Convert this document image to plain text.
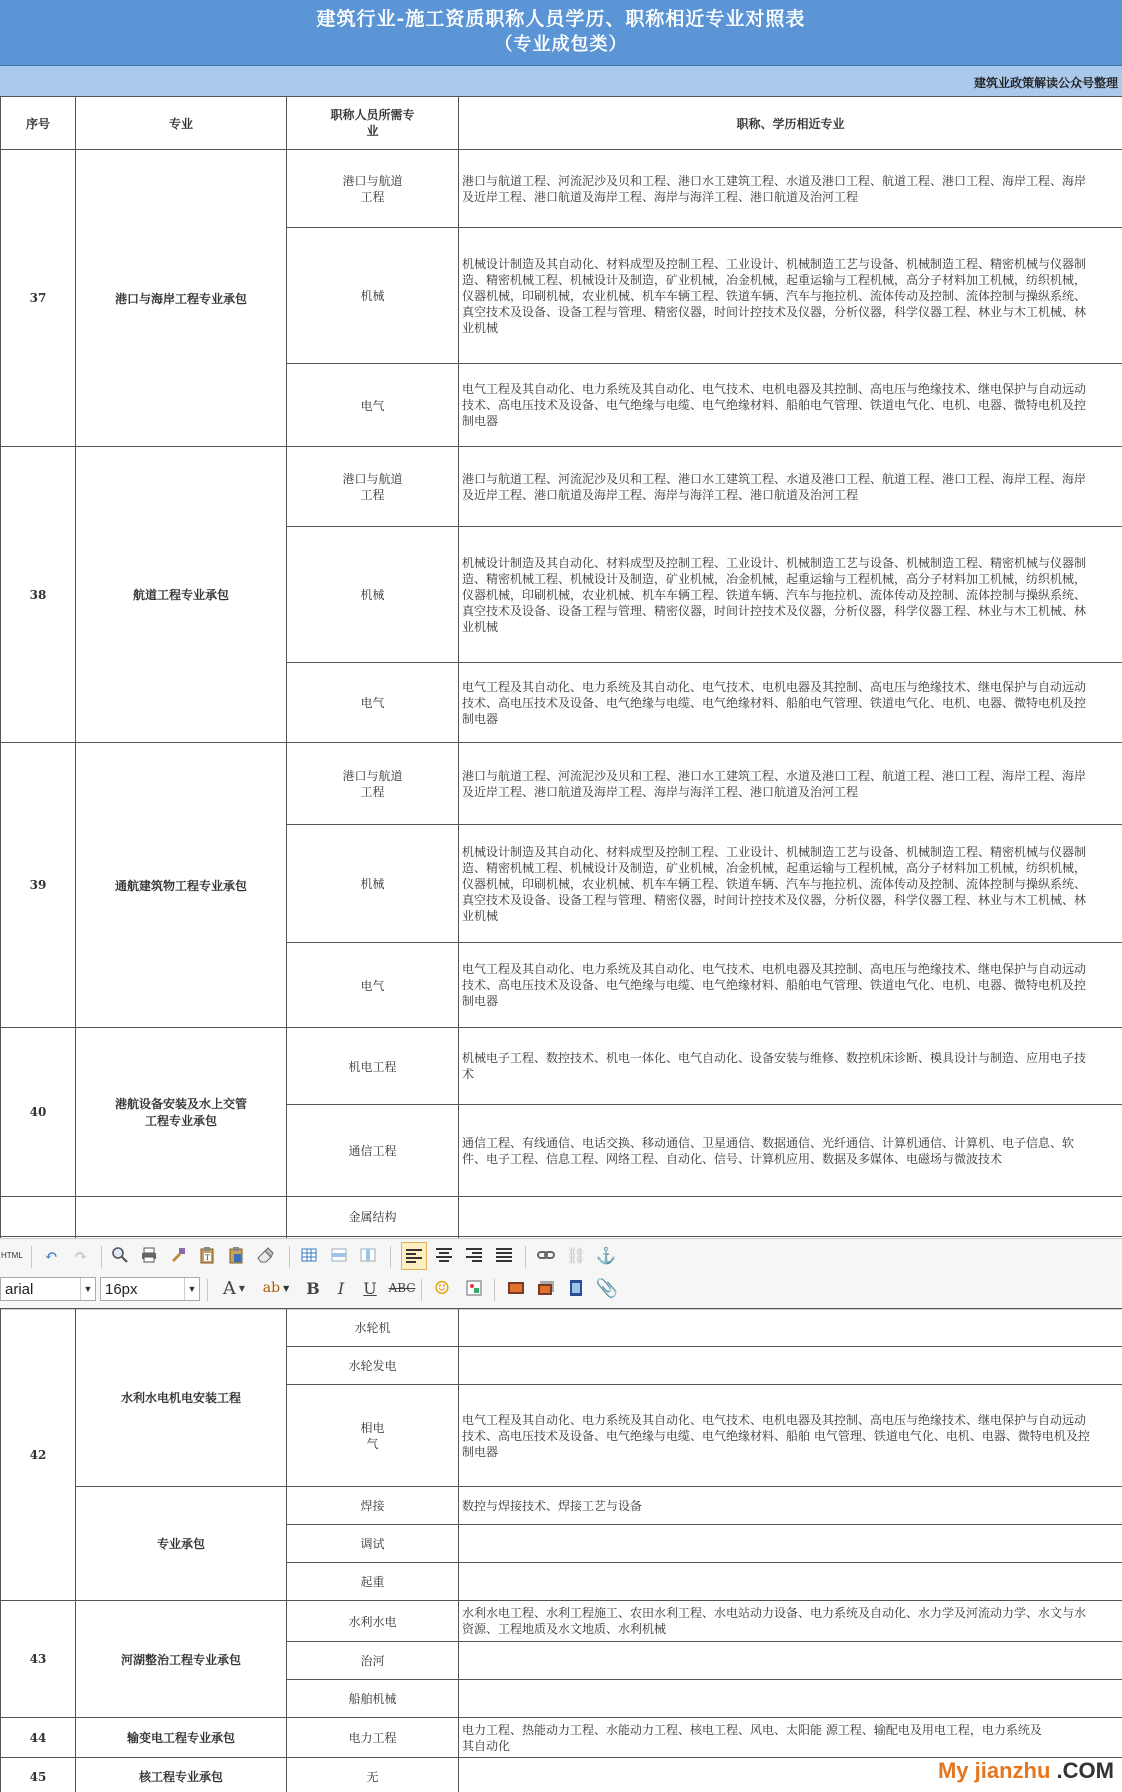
建筑行业-施工资质职称人员学历、职称相近专业对照表
（专业成包类）
建筑业政策解读公众号整理
序号	专业	职称人员所需专业	职称、学历相近专业
37	港口与海岸工程专业承包	港口与航道工程	港口与航道工程、河流泥沙及贝和工程、港口水工建筑工程、水道及港口工程、航道工程、港口工程、海岸工程、海岸及近岸工程、港口航道及海岸工程、海岸与海洋工程、港口航道及治河工程
		机械	机械设计制造及其自动化、材料成型及控制工程、工业设计、机械制造工艺与设备、机械制造工程、精密机械与仪器制造、精密机械工程、机械设计及制造，矿业机械，冶金机械，起重运输与工程机械，高分子材料加工机械，纺织机械，仪器机械，印刷机械，农业机械、机车车辆工程、铁道车辆、汽车与拖拉机、流体传动及控制、流体控制与操纵系统、真空技术及设备、设备工程与管理、精密仪器，时间计控技术及仪器，分析仪器，科学仪器工程、林业与木工机械、林业机械
		电气	电气工程及其自动化、电力系统及其自动化、电气技术、电机电器及其控制、高电压与绝缘技术、继电保护与自动远动技术、高电压技术及设备、电气绝缘与电缆、电气绝缘材料、船舶电气管理、铁道电气化、电机、电器、微特电机及控制电器
38	航道工程专业承包	港口与航道工程	港口与航道工程、河流泥沙及贝和工程、港口水工建筑工程、水道及港口工程、航道工程、港口工程、海岸工程、海岸及近岸工程、港口航道及海岸工程、海岸与海洋工程、港口航道及治河工程
		机械	机械设计制造及其自动化、材料成型及控制工程、工业设计、机械制造工艺与设备、机械制造工程、精密机械与仪器制造、精密机械工程、机械设计及制造，矿业机械，冶金机械，起重运输与工程机械，高分子材料加工机械，纺织机械，仪器机械，印刷机械，农业机械、机车车辆工程、铁道车辆、汽车与拖拉机、流体传动及控制、流体控制与操纵系统、真空技术及设备、设备工程与管理、精密仪器，时间计控技术及仪器，分析仪器，科学仪器工程、林业与木工机械、林业机械
		电气	电气工程及其自动化、电力系统及其自动化、电气技术、电机电器及其控制、高电压与绝缘技术、继电保护与自动远动技术、高电压技术及设备、电气绝缘与电缆、电气绝缘材料、船舶电气管理、铁道电气化、电机、电器、微特电机及控制电器
39	通航建筑物工程专业承包	港口与航道工程	港口与航道工程、河流泥沙及贝和工程、港口水工建筑工程、水道及港口工程、航道工程、港口工程、海岸工程、海岸及近岸工程、港口航道及海岸工程、海岸与海洋工程、港口航道及治河工程
		机械	机械设计制造及其自动化、材料成型及控制工程、工业设计、机械制造工艺与设备、机械制造工程、精密机械与仪器制造、精密机械工程、机械设计及制造，矿业机械，冶金机械，起重运输与工程机械，高分子材料加工机械，纺织机械，仪器机械，印刷机械，农业机械、机车车辆工程、铁道车辆、汽车与拖拉机、流体传动及控制、流体控制与操纵系统、真空技术及设备、设备工程与管理、精密仪器，时间计控技术及仪器，分析仪器，科学仪器工程、林业与木工机械、林业机械
		电气	电气工程及其自动化、电力系统及其自动化、电气技术、电机电器及其控制、高电压与绝缘技术、继电保护与自动远动技术、高电压技术及设备、电气绝缘与电缆、电气绝缘材料、船舶电气管理、铁道电气化、电机、电器、微特电机及控制电器
40	港航设备安装及水上交管工程专业承包	机电工程	机械电子工程、数控技术、机电一体化、电气自动化、设备安装与维修、数控机床诊断、模具设计与制造、应用电子技术
		通信工程	通信工程、有线通信、电话交换、移动通信、卫星通信、数据通信、光纤通信、计算机通信、计算机、电子信息、软件、电子工程、信息工程、网络工程、自动化、信号、计算机应用、数据及多媒体、电磁场与微波技术
		金属结构	

HTML	↶	↷	T	⛓ ⚓
arial	▼ 16px	▼	A ▼	ab ▼ B	I	U ABC ☺	📎
42	水利水电机电安装工程	水轮机	
		水轮发电	
		相电气	电气工程及其自动化、电力系统及其自动化、电气技术、电机电器及其控制、高电压与绝缘技术、继电保护与自动远动技术、高电压技术及设备、电气绝缘与电缆、电气绝缘材料、船舶 电气管理、铁道电气化、电机、电器、微特电机及控制电器
	专业承包	焊接	数控与焊接技术、焊接工艺与设备
		调试	
		起重	
43	河湖整治工程专业承包	水利水电	水利水电工程、水利工程施工、农田水利工程、水电站动力设备、电力系统及自动化、水力学及河流动力学、水文与水资源、工程地质及水文地质、水利机械
		治河	
		船舶机械	
44	输变电工程专业承包	电力工程	电力工程、热能动力工程、水能动力工程、核电工程、风电、太阳能 源工程、输配电及用电工程，电力系统及其自动化
45	核工程专业承包	无		My jianzhu .COM
